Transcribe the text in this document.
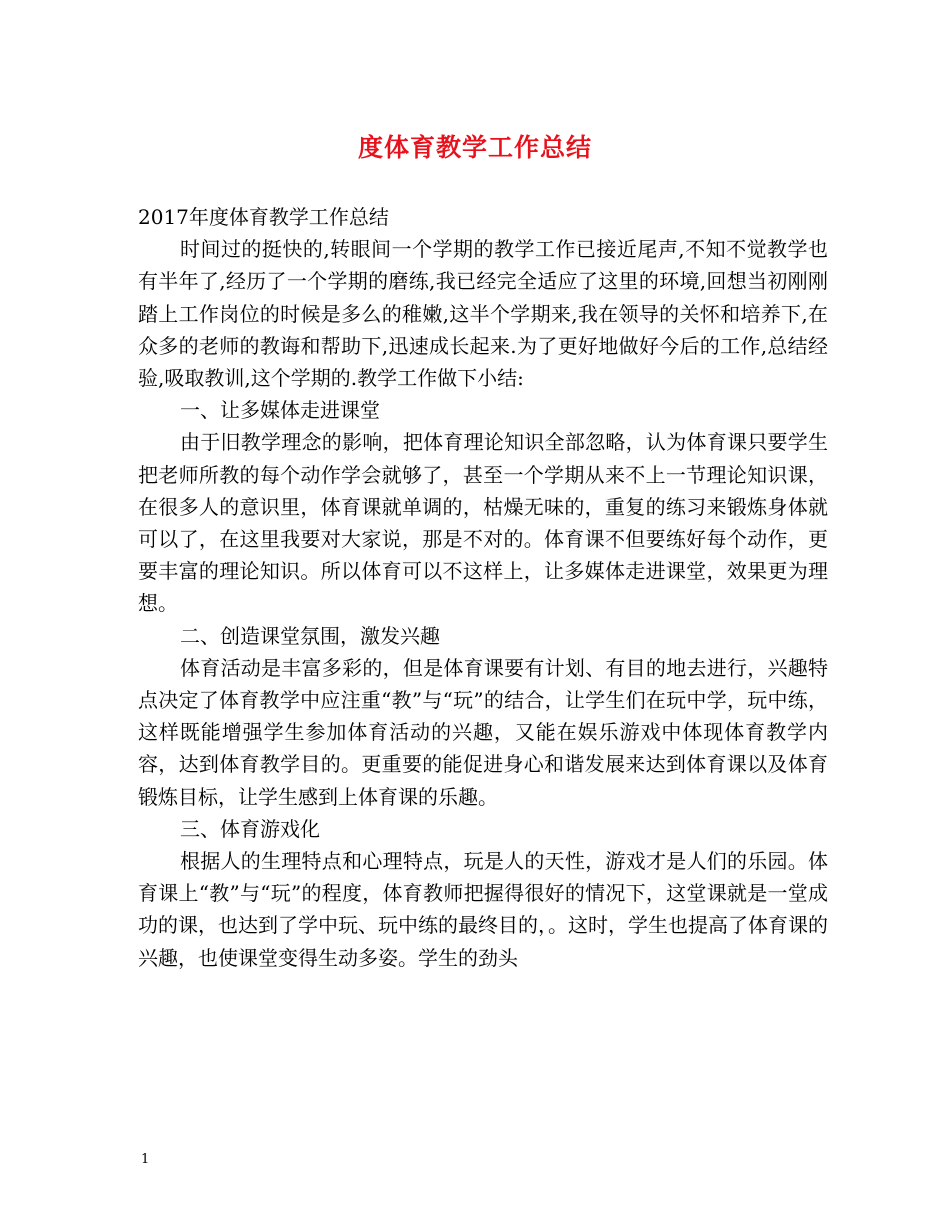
度体育教学工作总结

2017年度体育教学工作总结

时间过的挺快的,转眼间一个学期的教学工作已接近尾声,不知不觉教学也有半年了,经历了一个学期的磨练,我已经完全适应了这里的环境,回想当初刚刚踏上工作岗位的时候是多么的稚嫩,这半个学期来,我在领导的关怀和培养下,在众多的老师的教诲和帮助下,迅速成长起来.为了更好地做好今后的工作,总结经验,吸取教训,这个学期的.教学工作做下小结:

一、让多媒体走进课堂

由于旧教学理念的影响，把体育理论知识全部忽略，认为体育课只要学生把老师所教的每个动作学会就够了，甚至一个学期从来不上一节理论知识课，在很多人的意识里，体育课就单调的，枯燥无味的，重复的练习来锻炼身体就可以了，在这里我要对大家说，那是不对的。体育课不但要练好每个动作，更要丰富的理论知识。所以体育可以不这样上，让多媒体走进课堂，效果更为理想。

二、创造课堂氛围，激发兴趣

体育活动是丰富多彩的，但是体育课要有计划、有目的地去进行，兴趣特点决定了体育教学中应注重“教”与“玩”的结合，让学生们在玩中学，玩中练，这样既能增强学生参加体育活动的兴趣，又能在娱乐游戏中体现体育教学内容，达到体育教学目的。更重要的能促进身心和谐发展来达到体育课以及体育锻炼目标，让学生感到上体育课的乐趣。

三、体育游戏化

根据人的生理特点和心理特点，玩是人的天性，游戏才是人们的乐园。体育课上“教”与“玩”的程度，体育教师把握得很好的情况下，这堂课就是一堂成功的课，也达到了学中玩、玩中练的最终目的，。这时，学生也提高了体育课的兴趣，也使课堂变得生动多姿。学生的劲头

1
